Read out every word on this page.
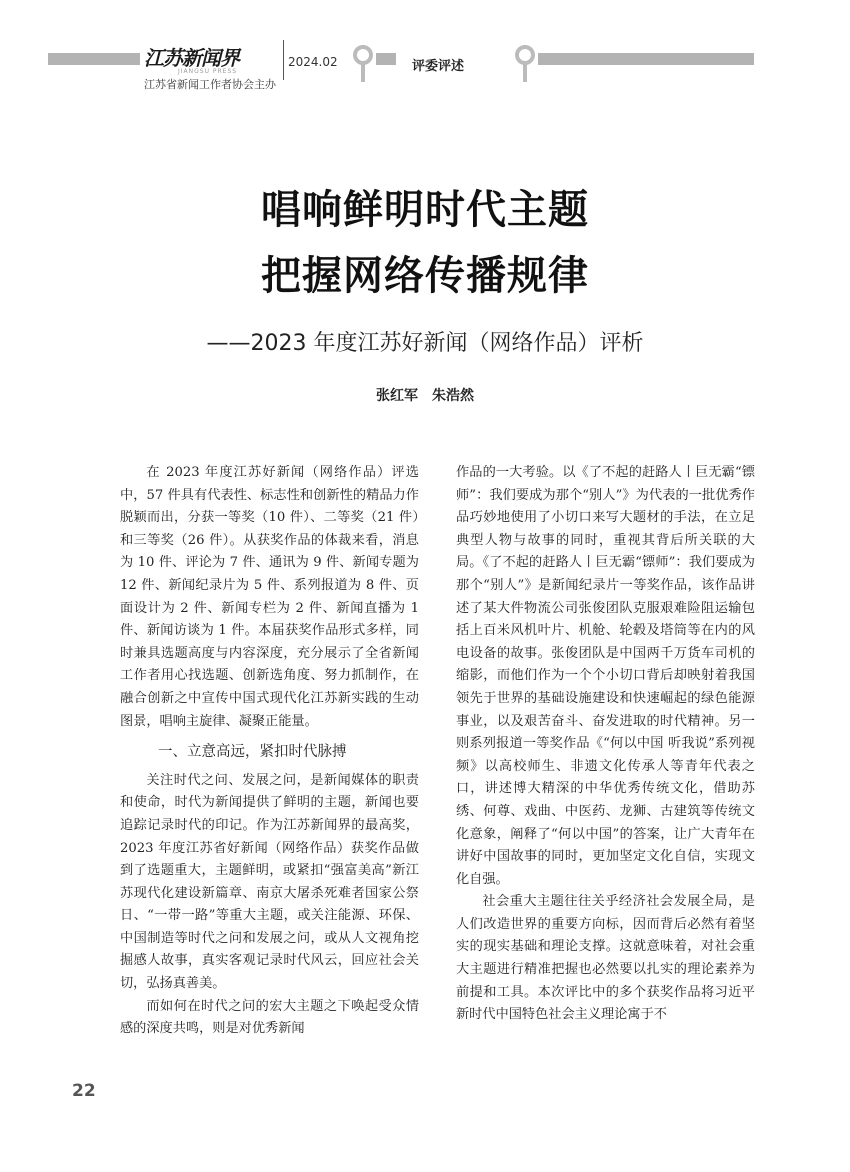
江苏新闻界
JIANGSU PRESS
2024.02
江苏省新闻工作者协会主办
评委评述
唱响鲜明时代主题
把握网络传播规律
——2023 年度江苏好新闻（网络作品）评析
张红军　朱浩然

在 2023 年度江苏好新闻（网络作品）评选中，57 件具有代表性、标志性和创新性的精品力作脱颖而出，分获一等奖（10 件）、二等奖（21 件）和三等奖（26 件）。从获奖作品的体裁来看，消息为 10 件、评论为 7 件、通讯为 9 件、新闻专题为 12 件、新闻纪录片为 5 件、系列报道为 8 件、页面设计为 2 件、新闻专栏为 2 件、新闻直播为 1 件、新闻访谈为 1 件。本届获奖作品形式多样，同时兼具选题高度与内容深度，充分展示了全省新闻工作者用心找选题、创新选角度、努力抓制作，在融合创新之中宣传中国式现代化江苏新实践的生动图景，唱响主旋律、凝聚正能量。

一、立意高远，紧扣时代脉搏

关注时代之问、发展之问，是新闻媒体的职责和使命，时代为新闻提供了鲜明的主题，新闻也要追踪记录时代的印记。作为江苏新闻界的最高奖，2023 年度江苏省好新闻（网络作品）获奖作品做到了选题重大，主题鲜明，或紧扣“强富美高”新江苏现代化建设新篇章、南京大屠杀死难者国家公祭日、“一带一路”等重大主题，或关注能源、环保、中国制造等时代之问和发展之问，或从人文视角挖掘感人故事，真实客观记录时代风云，回应社会关切，弘扬真善美。

而如何在时代之问的宏大主题之下唤起受众情感的深度共鸣，则是对优秀新闻

作品的一大考验。以《了不起的赶路人丨巨无霸“镖师”：我们要成为那个“别人”》为代表的一批优秀作品巧妙地使用了小切口来写大题材的手法，在立足典型人物与故事的同时，重视其背后所关联的大局。《了不起的赶路人丨巨无霸“镖师”：我们要成为那个“别人”》是新闻纪录片一等奖作品，该作品讲述了某大件物流公司张俊团队克服艰难险阻运输包括上百米风机叶片、机舱、轮毂及塔筒等在内的风电设备的故事。张俊团队是中国两千万货车司机的缩影，而他们作为一个个小切口背后却映射着我国领先于世界的基础设施建设和快速崛起的绿色能源事业，以及艰苦奋斗、奋发进取的时代精神。另一则系列报道一等奖作品《“何以中国 听我说”系列视频》以高校师生、非遗文化传承人等青年代表之口，讲述博大精深的中华优秀传统文化，借助苏绣、何尊、戏曲、中医药、龙狮、古建筑等传统文化意象，阐释了“何以中国”的答案，让广大青年在讲好中国故事的同时，更加坚定文化自信，实现文化自强。

社会重大主题往往关乎经济社会发展全局，是人们改造世界的重要方向标，因而背后必然有着坚实的现实基础和理论支撑。这就意味着，对社会重大主题进行精准把握也必然要以扎实的理论素养为前提和工具。本次评比中的多个获奖作品将习近平新时代中国特色社会主义理论寓于不

22
